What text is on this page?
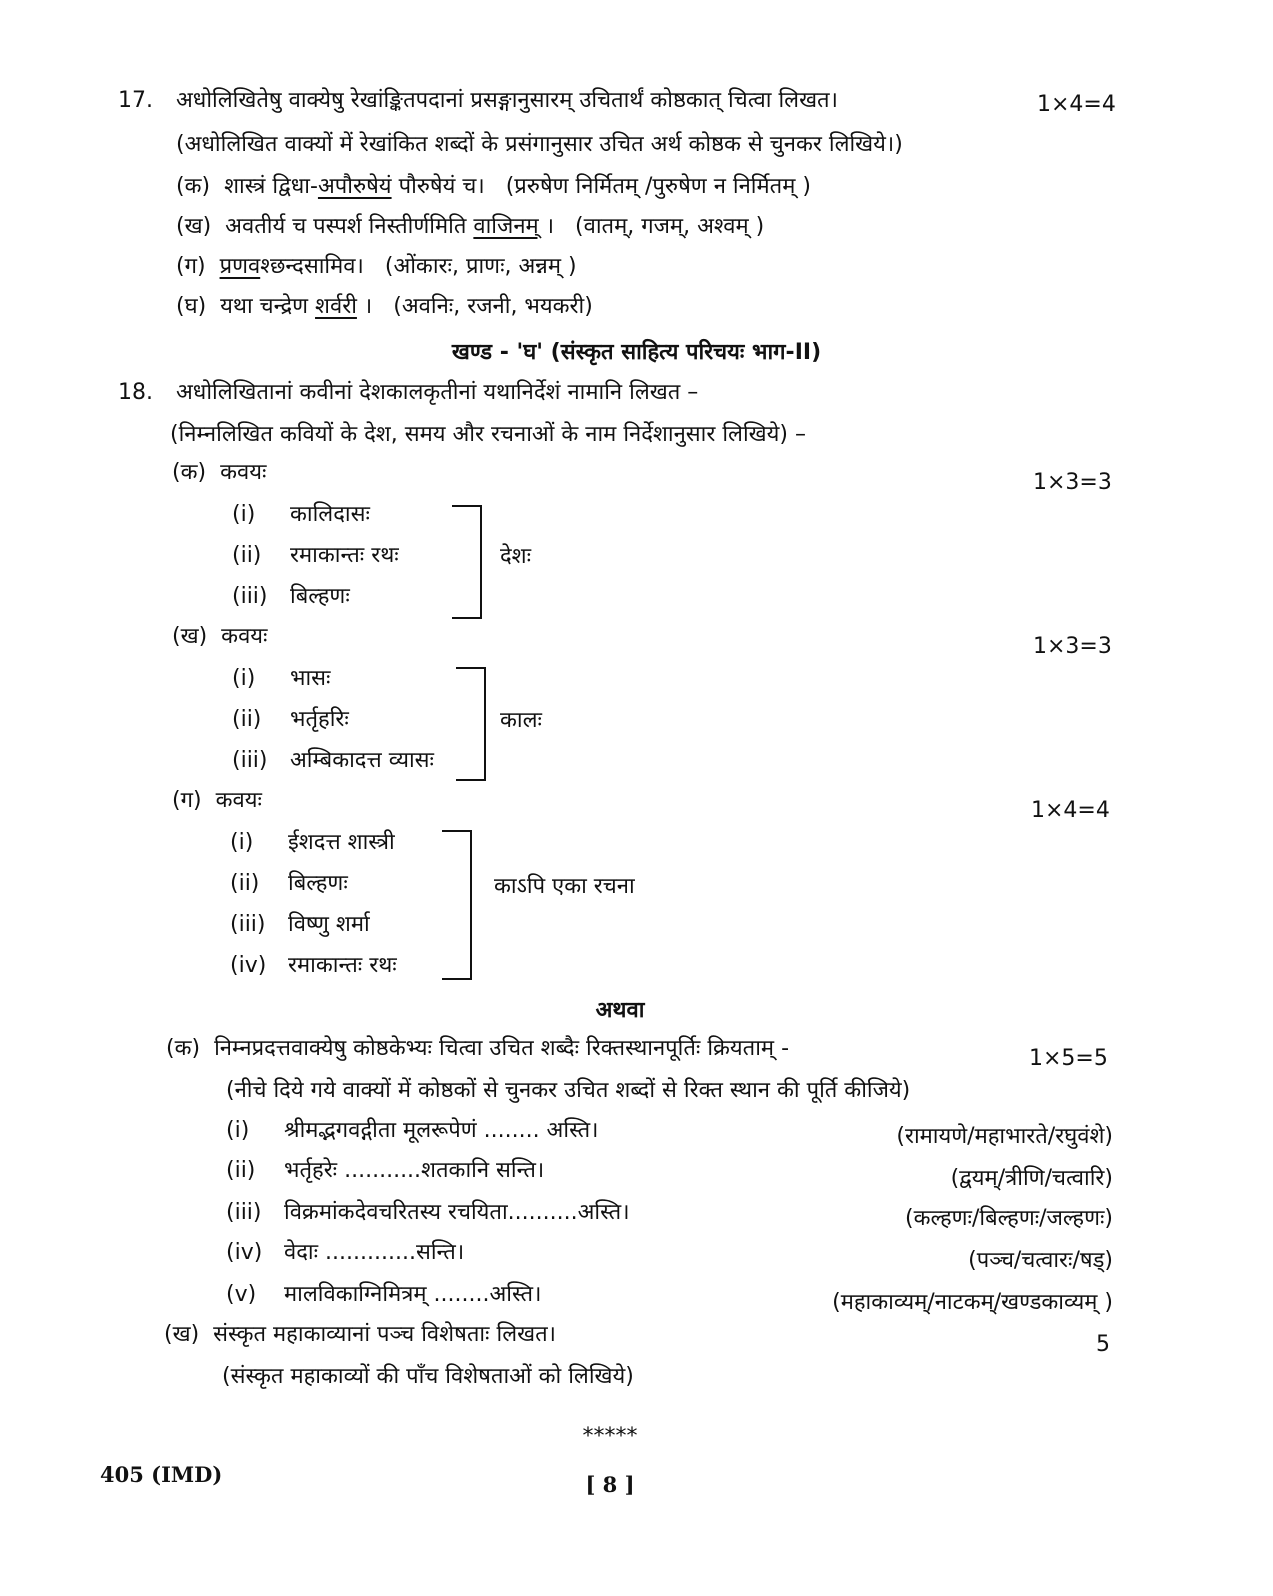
17. अधोलिखितेषु वाक्येषु रेखांङ्कितपदानां प्रसङ्गानुसारम् उचितार्थं कोष्ठकात् चित्वा लिखत।	1×4=4
(अधोलिखित वाक्यों में रेखांकित शब्दों के प्रसंगानुसार उचित अर्थ कोष्ठक से चुनकर लिखिये।)
(क) शास्त्रं द्विधा-अपौरुषेयं पौरुषेयं च। (प्ररुषेण निर्मितम् /पुरुषेण न निर्मितम् )
(ख) अवतीर्य च पस्पर्श निस्तीर्णमिति वाजिनम् । (वातम्, गजम्, अश्वम् )
(ग) प्रणवश्छन्दसामिव। (ओंकारः, प्राणः, अन्नम् )
(घ) यथा चन्द्रेण शर्वरी । (अवनिः, रजनी, भयकरी)
खण्ड - 'घ' (संस्कृत साहित्य परिचयः भाग-II)
18. अधोलिखितानां कवीनां देशकालकृतीनां यथानिर्देशं नामानि लिखत –
(निम्नलिखित कवियों के देश, समय और रचनाओं के नाम निर्देशानुसार लिखिये) –
(क) कवयः	1×3=3
(i) कालिदासः
(ii) रमाकान्तः रथः
(iii) बिल्हणः
देशः
(ख) कवयः	1×3=3
(i) भासः
(ii) भर्तृहरिः
(iii) अम्बिकादत्त व्यासः
कालः
(ग) कवयः	1×4=4
(i) ईशदत्त शास्त्री
(ii) बिल्हणः
(iii) विष्णु शर्मा
(iv) रमाकान्तः रथः
काऽपि एका रचना
अथवा
(क) निम्नप्रदत्तवाक्येषु कोष्ठकेभ्यः चित्वा उचित शब्दैः रिक्तस्थानपूर्तिः क्रियताम् -	1×5=5
(नीचे दिये गये वाक्यों में कोष्ठकों से चुनकर उचित शब्दों से रिक्त स्थान की पूर्ति कीजिये)
(i) श्रीमद्भगवद्गीता मूलरूपेणं ........ अस्ति।	(रामायणे/महाभारते/रघुवंशे)
(ii) भर्तृहरेः ...........शतकानि सन्ति।	(द्वयम्/त्रीणि/चत्वारि)
(iii) विक्रमांकदेवचरितस्य रचयिता..........अस्ति।	(कल्हणः/बिल्हणः/जल्हणः)
(iv) वेदाः .............सन्ति।	(पञ्च/चत्वारः/षड्)
(v) मालविकाग्निमित्रम् ........अस्ति।	(महाकाव्यम्/नाटकम्/खण्डकाव्यम् )
(ख) संस्कृत महाकाव्यानां पञ्च विशेषताः लिखत।	5
(संस्कृत महाकाव्यों की पाँच विशेषताओं को लिखिये)
*****
405 (IMD)	[ 8 ]
